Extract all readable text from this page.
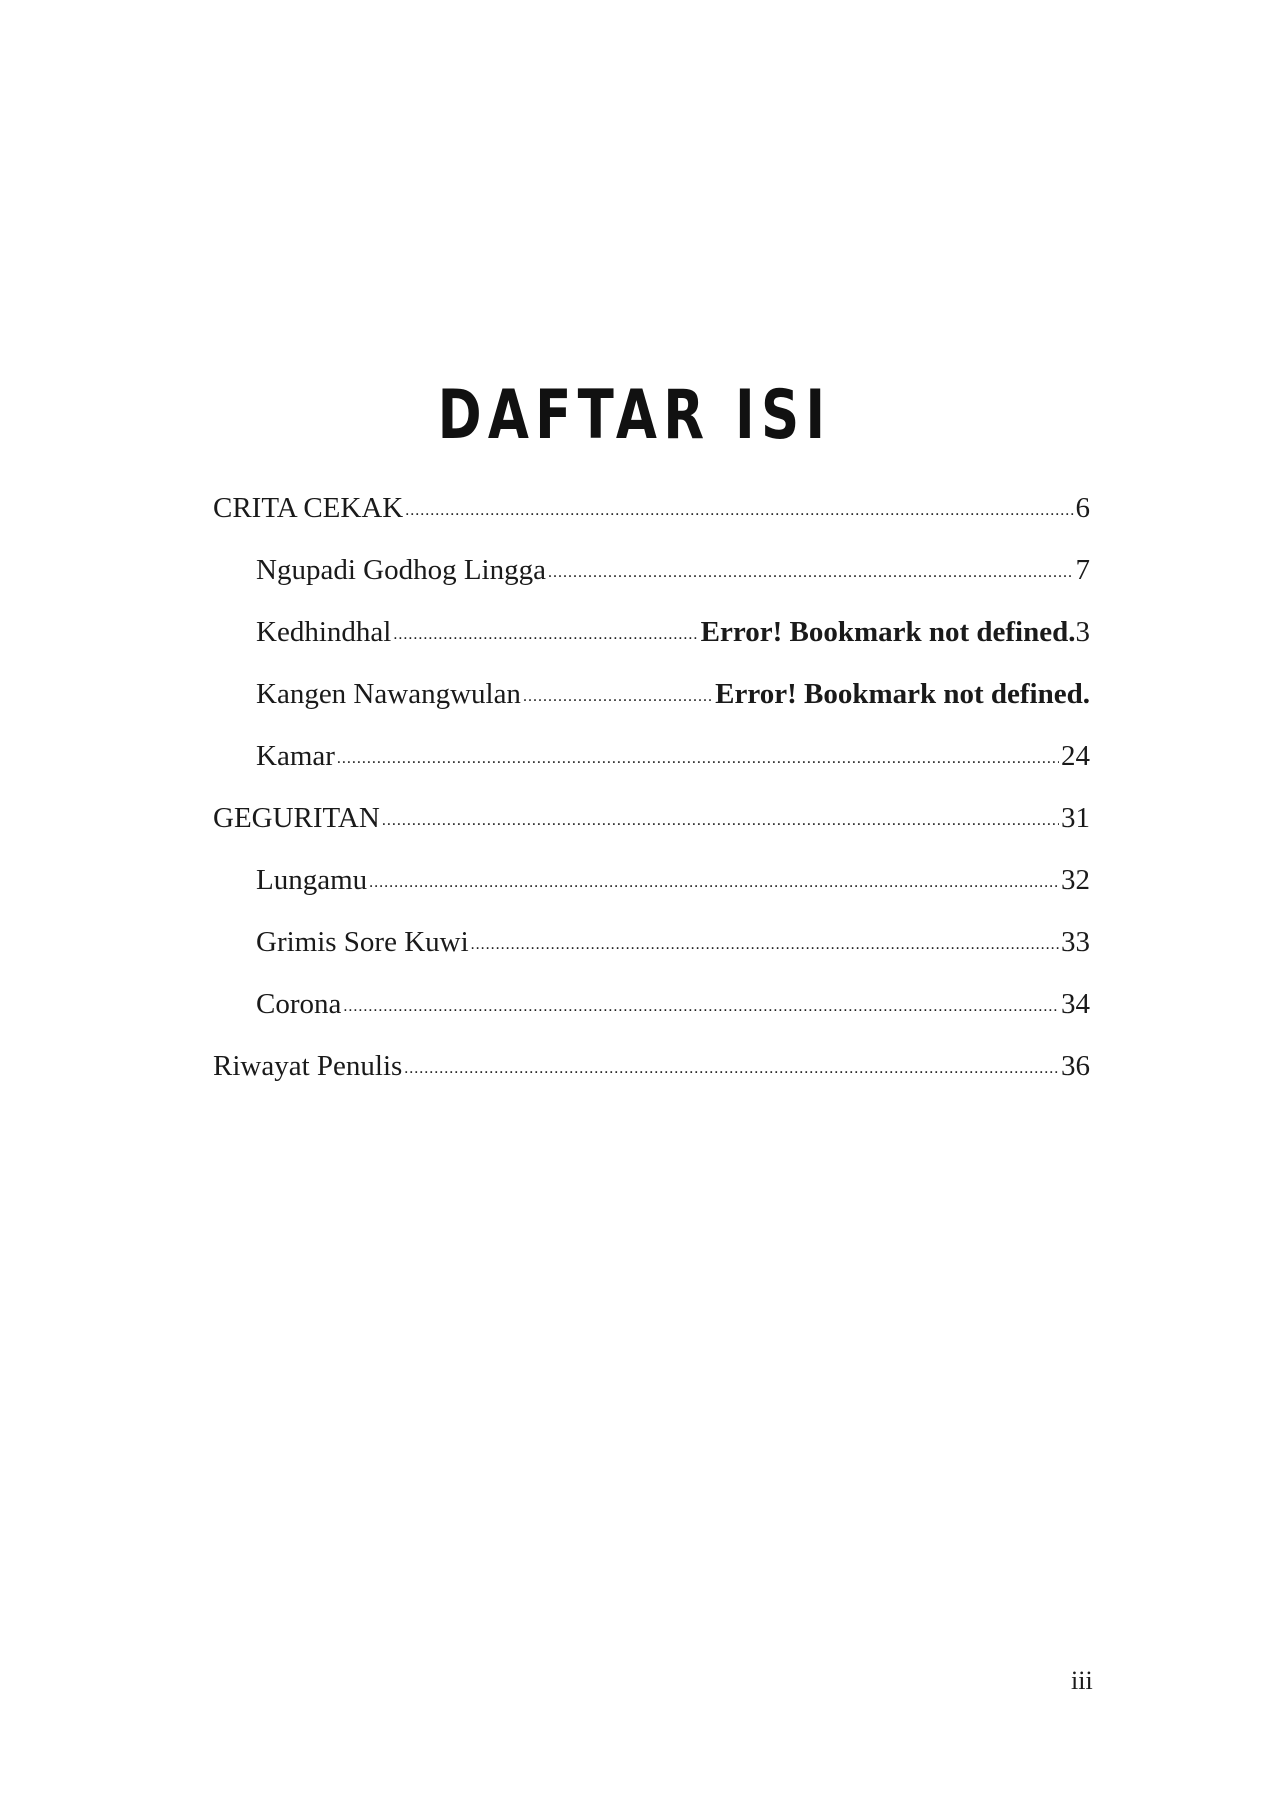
DAFTAR ISI
CRITA CEKAK .....	6
Ngupadi Godhog Lingga .....	7
Kedhindhal .....	Error! Bookmark not defined. 3
Kangen Nawangwulan .....	Error! Bookmark not defined.
Kamar .....	24
GEGURITAN .....	31
Lungamu .....	32
Grimis Sore Kuwi .....	33
Corona .....	34
Riwayat Penulis .....	36
iii
